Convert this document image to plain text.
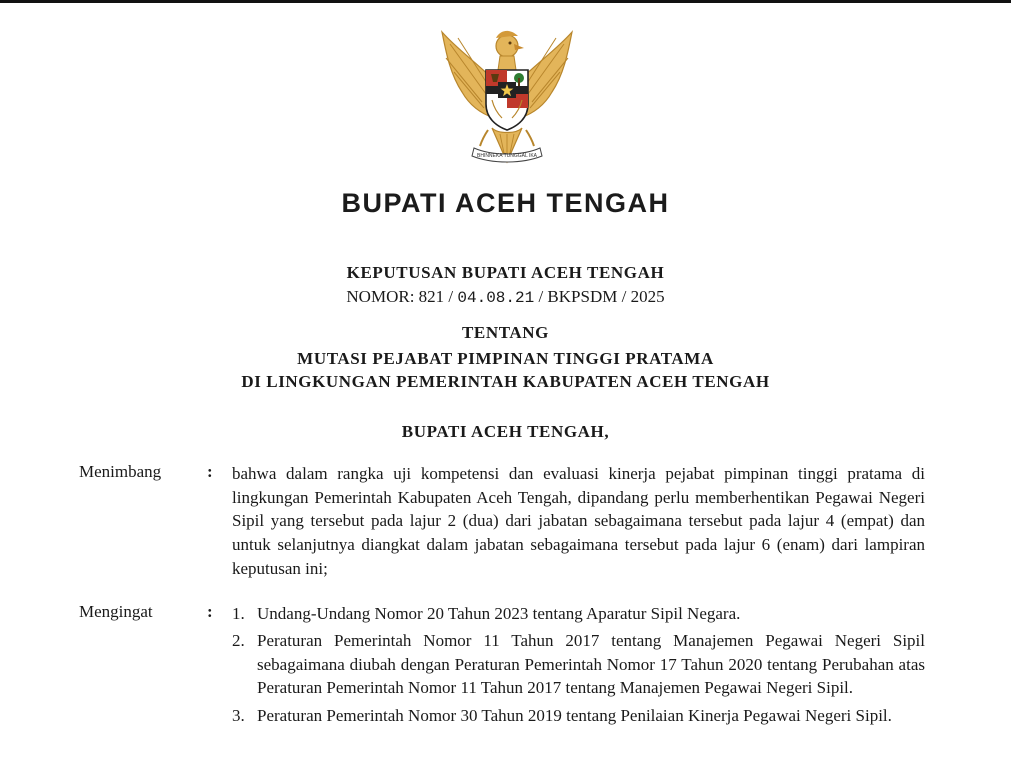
BHINNEKA TUNGGAL IKA
BUPATI ACEH TENGAH
KEPUTUSAN BUPATI ACEH TENGAH
NOMOR: 821 / 04.08.21 / BKPSDM / 2025
TENTANG
MUTASI PEJABAT PIMPINAN TINGGI PRATAMA
DI LINGKUNGAN PEMERINTAH KABUPATEN ACEH TENGAH
BUPATI ACEH TENGAH,
Menimbang	: bahwa dalam rangka uji kompetensi dan evaluasi kinerja pejabat pimpinan tinggi pratama di lingkungan Pemerintah Kabupaten Aceh Tengah, dipandang perlu memberhentikan Pegawai Negeri Sipil yang tersebut pada lajur 2 (dua) dari jabatan sebagaimana tersebut pada lajur 4 (empat) dan untuk selanjutnya diangkat dalam jabatan sebagaimana tersebut pada lajur 6 (enam) dari lampiran keputusan ini;

Mengingat	: 1. Undang-Undang Nomor 20 Tahun 2023 tentang Aparatur Sipil Negara.
2. Peraturan Pemerintah Nomor 11 Tahun 2017 tentang Manajemen Pegawai Negeri Sipil sebagaimana diubah dengan Peraturan Pemerintah Nomor 17 Tahun 2020 tentang Perubahan atas Peraturan Pemerintah Nomor 11 Tahun 2017 tentang Manajemen Pegawai Negeri Sipil.
3. Peraturan Pemerintah Nomor 30 Tahun 2019 tentang Penilaian Kinerja Pegawai Negeri Sipil.
